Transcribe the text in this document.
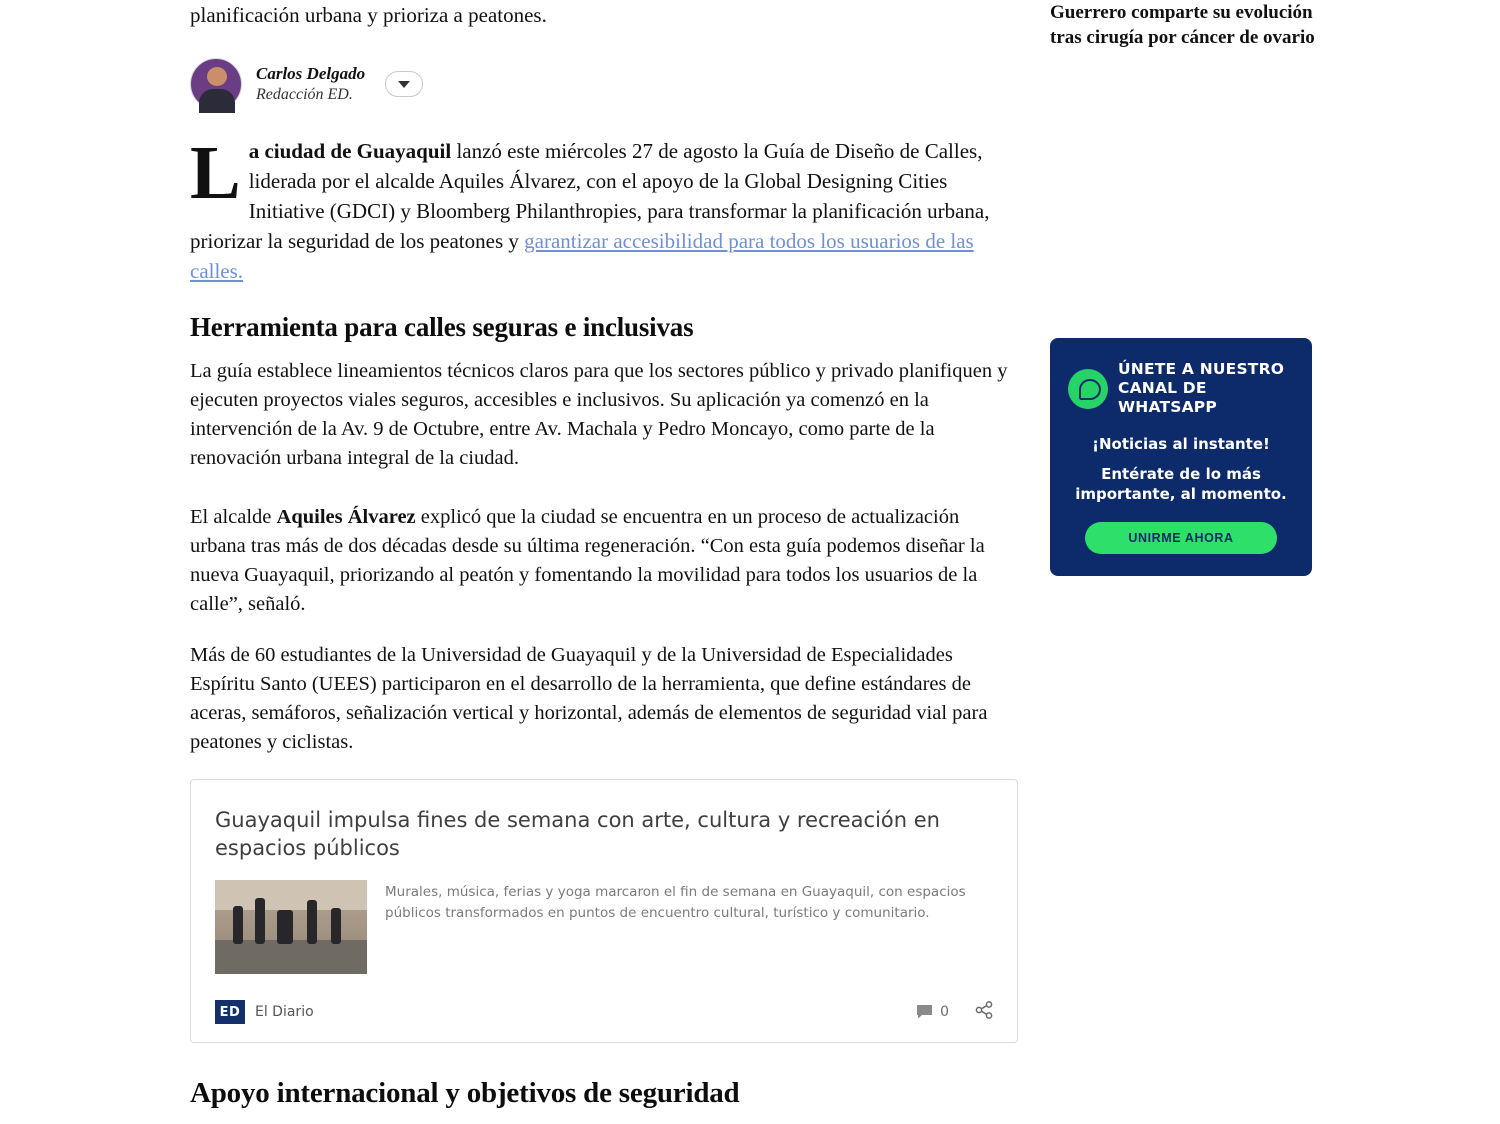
planificación urbana y prioriza a peatones.

Carlos Delgado
Redacción ED.

La ciudad de Guayaquil lanzó este miércoles 27 de agosto la Guía de Diseño de Calles, liderada por el alcalde Aquiles Álvarez, con el apoyo de la Global Designing Cities Initiative (GDCI) y Bloomberg Philanthropies, para transformar la planificación urbana, priorizar la seguridad de los peatones y garantizar accesibilidad para todos los usuarios de las calles.

Herramienta para calles seguras e inclusivas

La guía establece lineamientos técnicos claros para que los sectores público y privado planifiquen y ejecuten proyectos viales seguros, accesibles e inclusivos. Su aplicación ya comenzó en la intervención de la Av. 9 de Octubre, entre Av. Machala y Pedro Moncayo, como parte de la renovación urbana integral de la ciudad.

El alcalde Aquiles Álvarez explicó que la ciudad se encuentra en un proceso de actualización urbana tras más de dos décadas desde su última regeneración. “Con esta guía podemos diseñar la nueva Guayaquil, priorizando al peatón y fomentando la movilidad para todos los usuarios de la calle”, señaló.

Más de 60 estudiantes de la Universidad de Guayaquil y de la Universidad de Especialidades Espíritu Santo (UEES) participaron en el desarrollo de la herramienta, que define estándares de aceras, semáforos, señalización vertical y horizontal, además de elementos de seguridad vial para peatones y ciclistas.

Guayaquil impulsa fines de semana con arte, cultura y recreación en espacios públicos
Murales, música, ferias y yoga marcaron el fin de semana en Guayaquil, con espacios públicos transformados en puntos de encuentro cultural, turístico y comunitario.
ED	El Diario	0
Apoyo internacional y objetivos de seguridad

Guerrero comparte su evolución tras cirugía por cáncer de ovario

ÚNETE A NUESTRO
CANAL DE WHATSAPP
¡Noticias al instante!
Entérate de lo más
importante, al momento.
UNIRME AHORA
